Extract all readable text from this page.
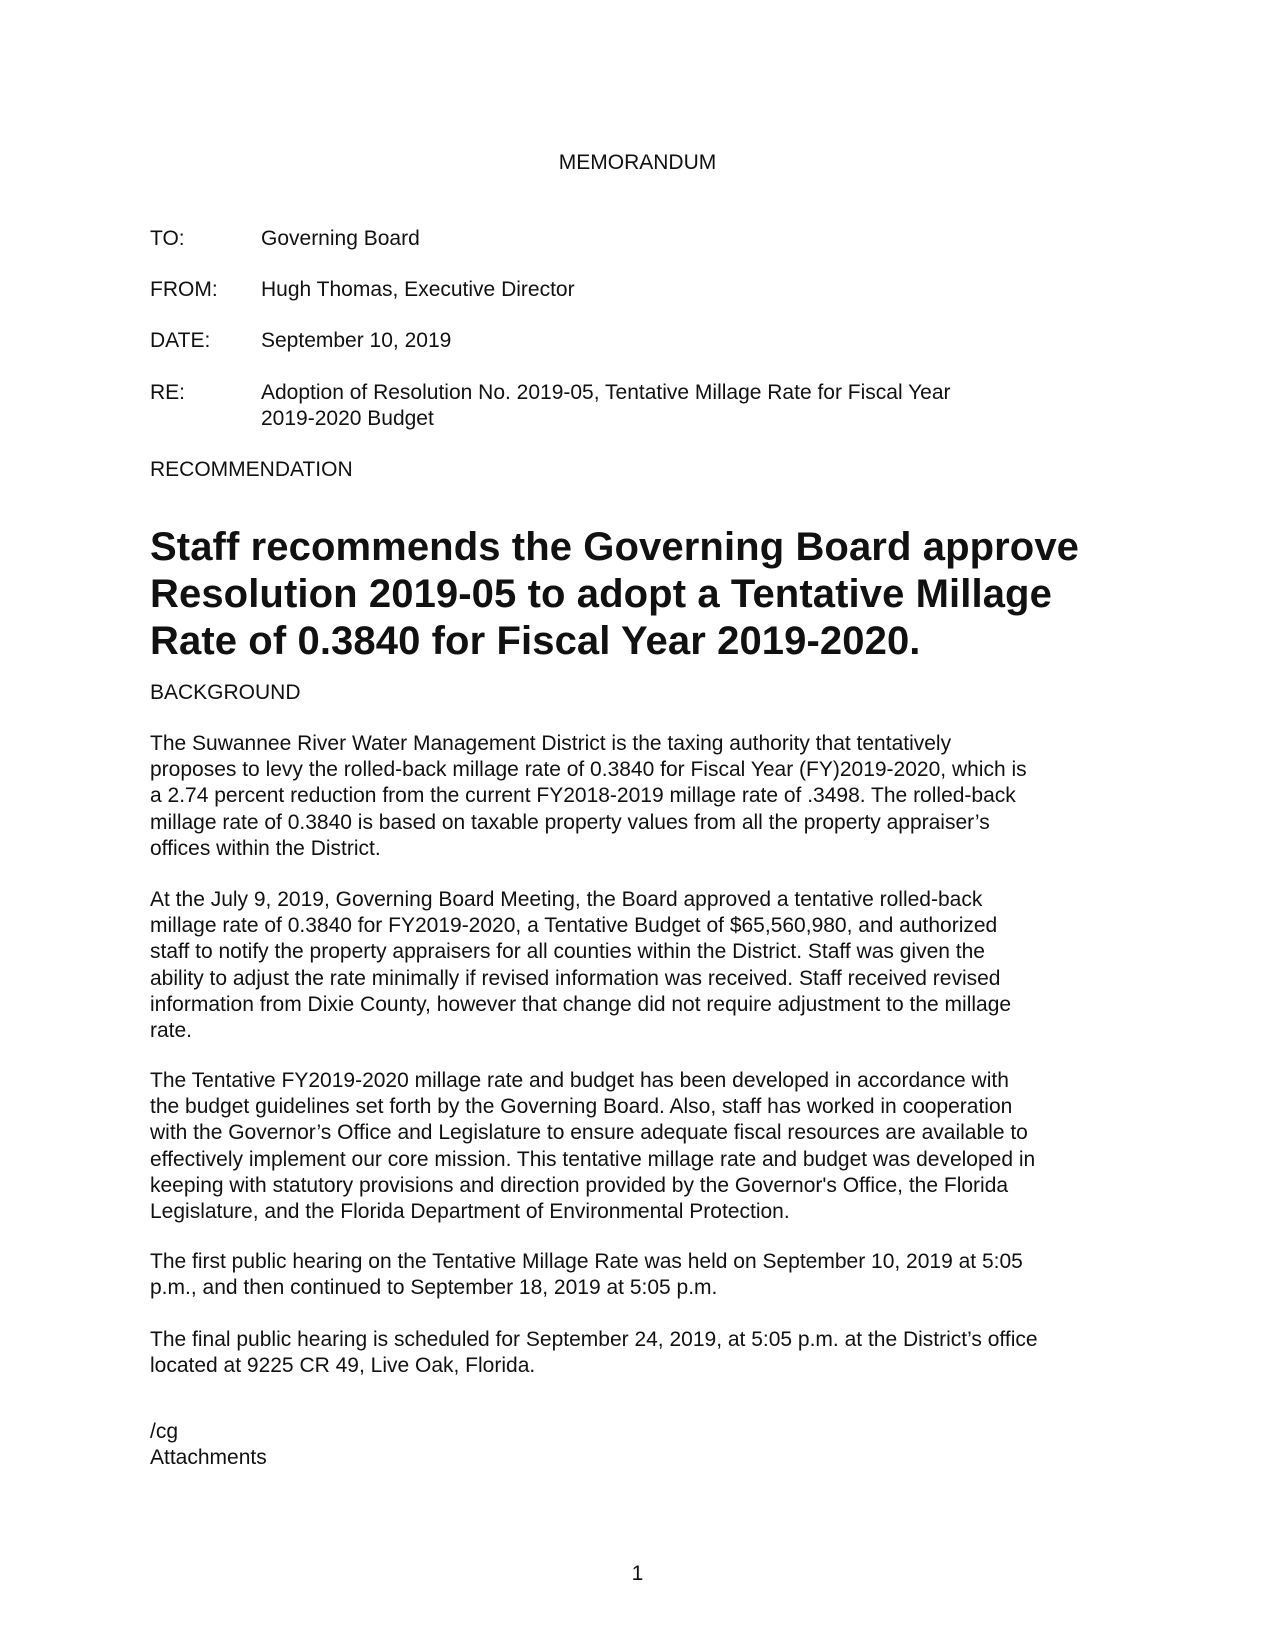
MEMORANDUM
TO:	Governing Board
FROM: Hugh Thomas, Executive Director
DATE: September 10, 2019
RE:	Adoption of Resolution No. 2019-05, Tentative Millage Rate for Fiscal Year
2019-2020 Budget
RECOMMENDATION
Staff recommends the Governing Board approve
Resolution 2019-05 to adopt a Tentative Millage
Rate of 0.3840 for Fiscal Year 2019-2020.
BACKGROUND
The Suwannee River Water Management District is the taxing authority that tentatively
proposes to levy the rolled-back millage rate of 0.3840 for Fiscal Year (FY)2019-2020, which is
a 2.74 percent reduction from the current FY2018-2019 millage rate of .3498. The rolled-back
millage rate of 0.3840 is based on taxable property values from all the property appraiser’s
offices within the District.
At the July 9, 2019, Governing Board Meeting, the Board approved a tentative rolled-back
millage rate of 0.3840 for FY2019-2020, a Tentative Budget of $65,560,980, and authorized
staff to notify the property appraisers for all counties within the District. Staff was given the
ability to adjust the rate minimally if revised information was received. Staff received revised
information from Dixie County, however that change did not require adjustment to the millage
rate.
The Tentative FY2019-2020 millage rate and budget has been developed in accordance with
the budget guidelines set forth by the Governing Board. Also, staff has worked in cooperation
with the Governor’s Office and Legislature to ensure adequate fiscal resources are available to
effectively implement our core mission. This tentative millage rate and budget was developed in
keeping with statutory provisions and direction provided by the Governor's Office, the Florida
Legislature, and the Florida Department of Environmental Protection.
The first public hearing on the Tentative Millage Rate was held on September 10, 2019 at 5:05
p.m., and then continued to September 18, 2019 at 5:05 p.m.
The final public hearing is scheduled for September 24, 2019, at 5:05 p.m. at the District’s office
located at 9225 CR 49, Live Oak, Florida.
/cg
Attachments
1
